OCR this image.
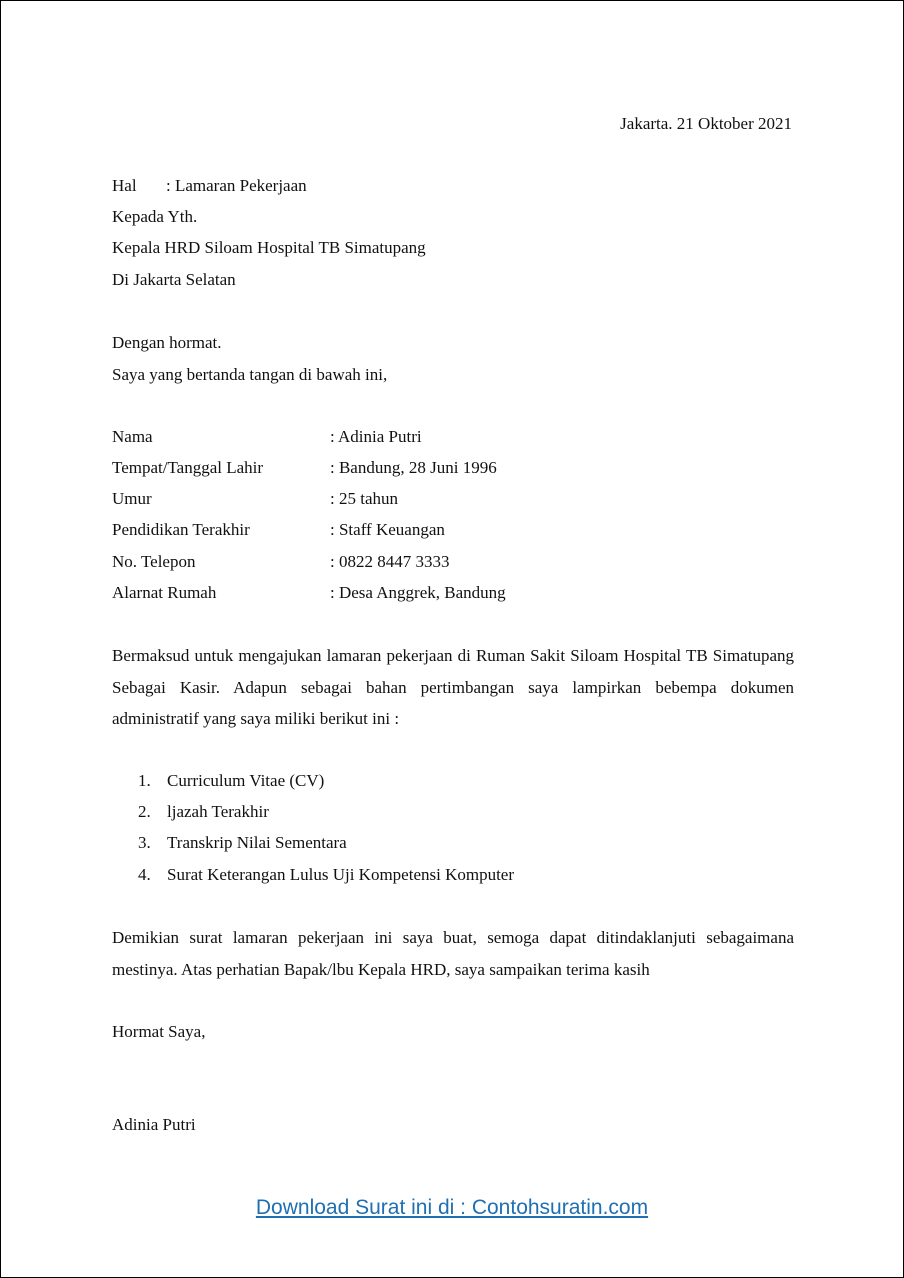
Jakarta. 21 Oktober 2021
Hal : Lamaran Pekerjaan
Kepada Yth.
Kepala HRD Siloam Hospital TB Simatupang
Di Jakarta Selatan
Dengan hormat.
Saya yang bertanda tangan di bawah ini,
Nama	: Adinia Putri
Tempat/Tanggal Lahir	: Bandung, 28 Juni 1996
Umur	: 25 tahun
Pendidikan Terakhir	: Staff Keuangan
No. Telepon	: 0822 8447 3333
Alarnat Rumah	: Desa Anggrek, Bandung
Bermaksud untuk mengajukan lamaran pekerjaan di Ruman Sakit Siloam Hospital TB Simatupang Sebagai Kasir. Adapun sebagai bahan pertimbangan saya lampirkan bebempa dokumen administratif yang saya miliki berikut ini :
1. Curriculum Vitae (CV)
2. ljazah Terakhir
3. Transkrip Nilai Sementara
4. Surat Keterangan Lulus Uji Kompetensi Komputer
Demikian surat lamaran pekerjaan ini saya buat, semoga dapat ditindaklanjuti sebagaimana mestinya. Atas perhatian Bapak/lbu Kepala HRD, saya sampaikan terima kasih
Hormat Saya,
Adinia Putri
Download Surat ini di : Contohsuratin.com
